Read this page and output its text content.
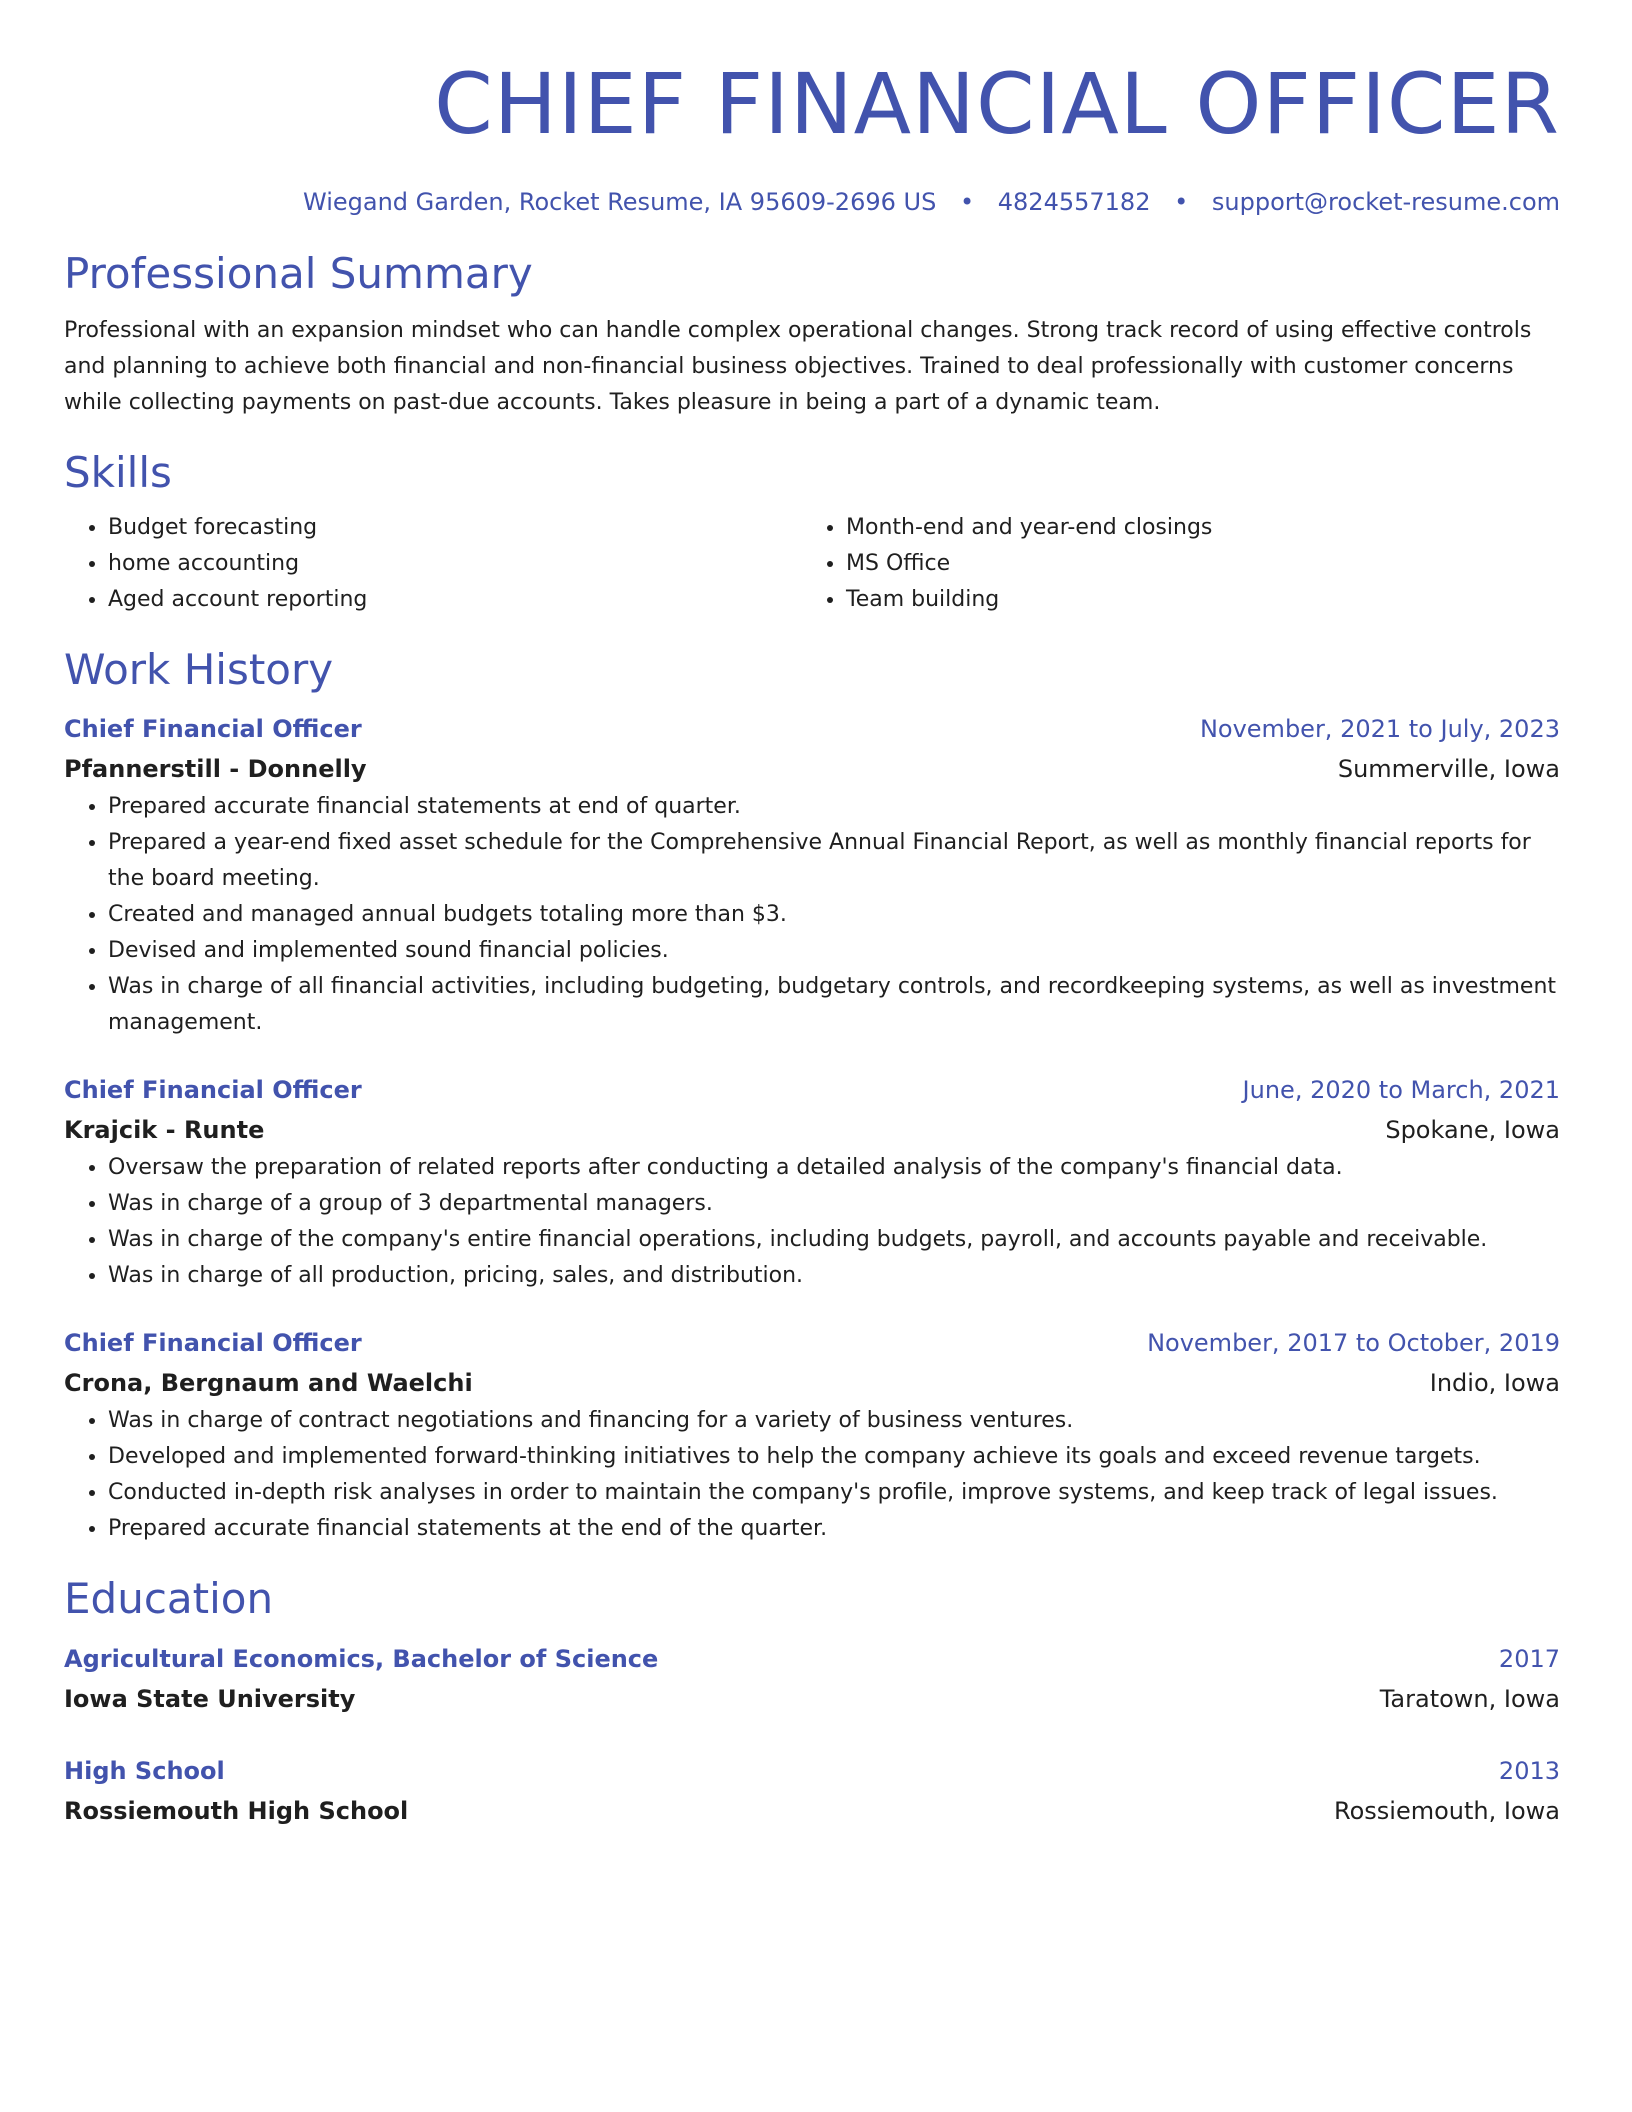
CHIEF FINANCIAL OFFICER
Wiegand Garden, Rocket Resume, IA 95609-2696 US • 4824557182 • support@rocket-resume.com
Professional Summary
Professional with an expansion mindset who can handle complex operational changes. Strong track record of using effective controls and planning to achieve both financial and non-financial business objectives. Trained to deal professionally with customer concerns while collecting payments on past-due accounts. Takes pleasure in being a part of a dynamic team.
Skills
• Budget forecasting
• home accounting
• Aged account reporting
• Month-end and year-end closings
• MS Office
• Team building
Work History
Chief Financial Officer	November, 2021 to July, 2023
Pfannerstill - Donnelly	Summerville, Iowa
• Prepared accurate financial statements at end of quarter.
• Prepared a year-end fixed asset schedule for the Comprehensive Annual Financial Report, as well as monthly financial reports for the board meeting.
• Created and managed annual budgets totaling more than $3.
• Devised and implemented sound financial policies.
• Was in charge of all financial activities, including budgeting, budgetary controls, and recordkeeping systems, as well as investment management.
Chief Financial Officer	June, 2020 to March, 2021
Krajcik - Runte	Spokane, Iowa
• Oversaw the preparation of related reports after conducting a detailed analysis of the company's financial data.
• Was in charge of a group of 3 departmental managers.
• Was in charge of the company's entire financial operations, including budgets, payroll, and accounts payable and receivable.
• Was in charge of all production, pricing, sales, and distribution.
Chief Financial Officer	November, 2017 to October, 2019
Crona, Bergnaum and Waelchi	Indio, Iowa
• Was in charge of contract negotiations and financing for a variety of business ventures.
• Developed and implemented forward-thinking initiatives to help the company achieve its goals and exceed revenue targets.
• Conducted in-depth risk analyses in order to maintain the company's profile, improve systems, and keep track of legal issues.
• Prepared accurate financial statements at the end of the quarter.
Education
Agricultural Economics, Bachelor of Science	2017
Iowa State University	Taratown, Iowa
High School	2013
Rossiemouth High School	Rossiemouth, Iowa
